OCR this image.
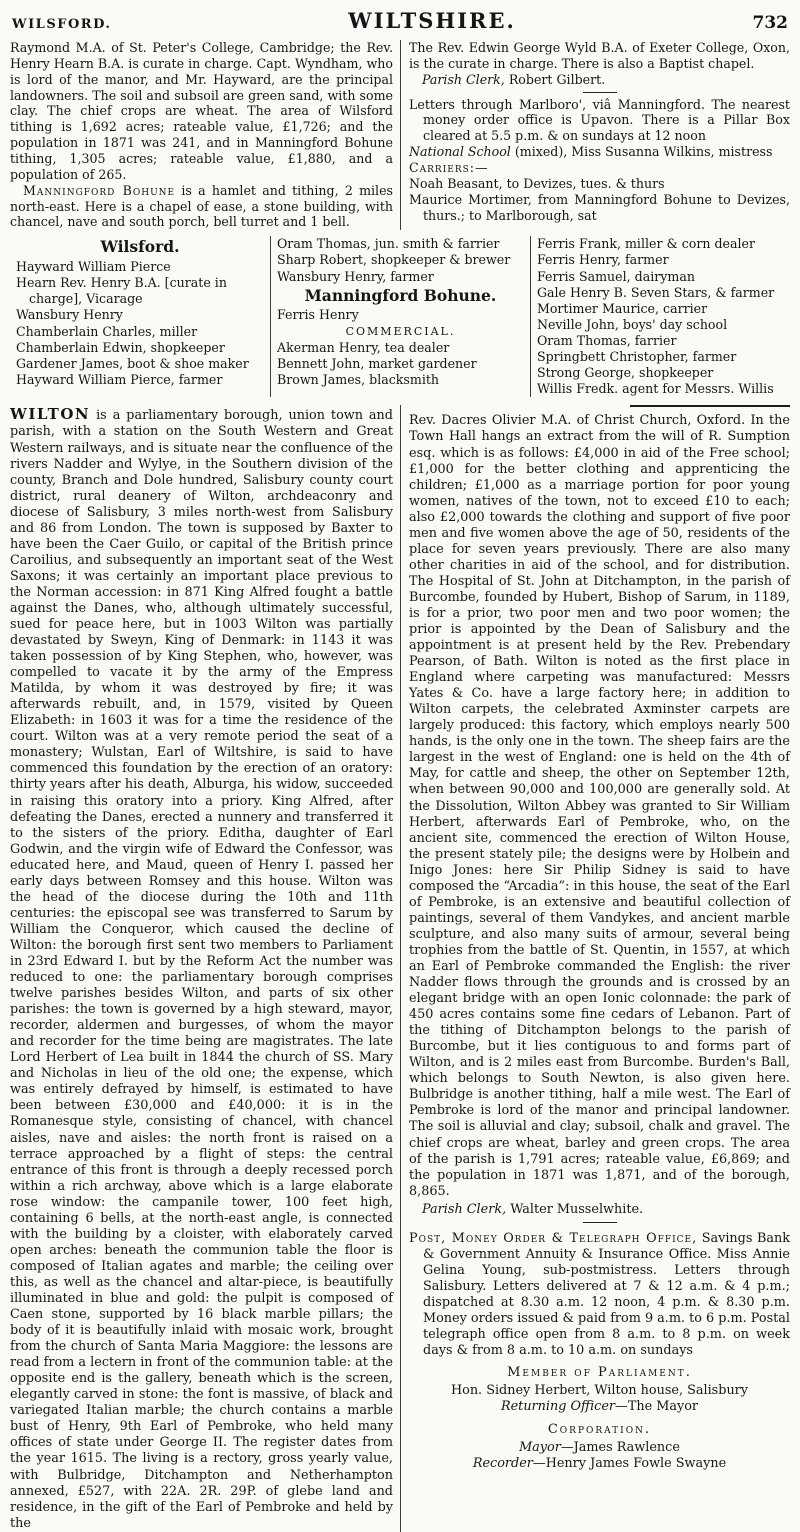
WILSFORD.	WILTSHIRE.	732

Raymond M.A. of St. Peter's College, Cambridge; the Rev. Henry Hearn B.A. is curate in charge. Capt. Wyndham, who is lord of the manor, and Mr. Hayward, are the principal landowners. The soil and subsoil are green sand, with some clay. The chief crops are wheat. The area of Wilsford tithing is 1,692 acres; rateable value, £1,726; and the population in 1871 was 241, and in Manningford Bohune tithing, 1,305 acres; rateable value, £1,880, and a population of 265.

Manningford Bohune is a hamlet and tithing, 2 miles north-east. Here is a chapel of ease, a stone building, with chancel, nave and south porch, bell turret and 1 bell.

The Rev. Edwin George Wyld B.A. of Exeter College, Oxon, is the curate in charge. There is also a Baptist chapel.

Parish Clerk, Robert Gilbert.

Letters through Marlboro', viâ Manningford. The nearest money order office is Upavon. There is a Pillar Box cleared at 5.5 p.m. & on sundays at 12 noon

National School (mixed), Miss Susanna Wilkins, mistress

Carriers:—

Noah Beasant, to Devizes, tues. & thurs

Maurice Mortimer, from Manningford Bohune to Devizes, thurs.; to Marlborough, sat

Wilsford.
Hayward William Pierce
Hearn Rev. Henry B.A. [curate in charge], Vicarage
Wansbury Henry
Chamberlain Charles, miller
Chamberlain Edwin, shopkeeper
Gardener James, boot & shoe maker
Hayward William Pierce, farmer
Oram Thomas, jun. smith & farrier
Sharp Robert, shopkeeper & brewer
Wansbury Henry, farmer
Manningford Bohune.
Ferris Henry
COMMERCIAL.
Akerman Henry, tea dealer
Bennett John, market gardener
Brown James, blacksmith
Ferris Frank, miller & corn dealer
Ferris Henry, farmer
Ferris Samuel, dairyman
Gale Henry B. Seven Stars, & farmer
Mortimer Maurice, carrier
Neville John, boys' day school
Oram Thomas, farrier
Springbett Christopher, farmer
Strong George, shopkeeper
Willis Fredk. agent for Messrs. Willis

WILTON is a parliamentary borough, union town and parish, with a station on the South Western and Great Western railways, and is situate near the confluence of the rivers Nadder and Wylye, in the Southern division of the county, Branch and Dole hundred, Salisbury county court district, rural deanery of Wilton, archdeaconry and diocese of Salisbury, 3 miles north-west from Salisbury and 86 from London. The town is supposed by Baxter to have been the Caer Guilo, or capital of the British prince Caroilius, and subsequently an important seat of the West Saxons; it was certainly an important place previous to the Norman accession: in 871 King Alfred fought a battle against the Danes, who, although ultimately successful, sued for peace here, but in 1003 Wilton was partially devastated by Sweyn, King of Denmark: in 1143 it was taken possession of by King Stephen, who, however, was compelled to vacate it by the army of the Empress Matilda, by whom it was destroyed by fire; it was afterwards rebuilt, and, in 1579, visited by Queen Elizabeth: in 1603 it was for a time the residence of the court. Wilton was at a very remote period the seat of a monastery; Wulstan, Earl of Wiltshire, is said to have commenced this foundation by the erection of an oratory: thirty years after his death, Alburga, his widow, succeeded in raising this oratory into a priory. King Alfred, after defeating the Danes, erected a nunnery and transferred it to the sisters of the priory. Editha, daughter of Earl Godwin, and the virgin wife of Edward the Confessor, was educated here, and Maud, queen of Henry I. passed her early days between Romsey and this house. Wilton was the head of the diocese during the 10th and 11th centuries: the episcopal see was transferred to Sarum by William the Conqueror, which caused the decline of Wilton: the borough first sent two members to Parliament in 23rd Edward I. but by the Reform Act the number was reduced to one: the parliamentary borough comprises twelve parishes besides Wilton, and parts of six other parishes: the town is governed by a high steward, mayor, recorder, aldermen and burgesses, of whom the mayor and recorder for the time being are magistrates. The late Lord Herbert of Lea built in 1844 the church of SS. Mary and Nicholas in lieu of the old one; the expense, which was entirely defrayed by himself, is estimated to have been between £30,000 and £40,000: it is in the Romanesque style, consisting of chancel, with chancel aisles, nave and aisles: the north front is raised on a terrace approached by a flight of steps: the central entrance of this front is through a deeply recessed porch within a rich archway, above which is a large elaborate rose window: the campanile tower, 100 feet high, containing 6 bells, at the north-east angle, is connected with the building by a cloister, with elaborately carved open arches: beneath the communion table the floor is composed of Italian agates and marble; the ceiling over this, as well as the chancel and altar-piece, is beautifully illuminated in blue and gold: the pulpit is composed of Caen stone, supported by 16 black marble pillars; the body of it is beautifully inlaid with mosaic work, brought from the church of Santa Maria Maggiore: the lessons are read from a lectern in front of the communion table: at the opposite end is the gallery, beneath which is the screen, elegantly carved in stone: the font is massive, of black and variegated Italian marble; the church contains a marble bust of Henry, 9th Earl of Pembroke, who held many offices of state under George II. The register dates from the year 1615. The living is a rectory, gross yearly value, with Bulbridge, Ditchampton and Netherhampton annexed, £527, with 22A. 2R. 29P. of glebe land and residence, in the gift of the Earl of Pembroke and held by the

Rev. Dacres Olivier M.A. of Christ Church, Oxford. In the Town Hall hangs an extract from the will of R. Sumption esq. which is as follows: £4,000 in aid of the Free school; £1,000 for the better clothing and apprenticing the children; £1,000 as a marriage portion for poor young women, natives of the town, not to exceed £10 to each; also £2,000 towards the clothing and support of five poor men and five women above the age of 50, residents of the place for seven years previously. There are also many other charities in aid of the school, and for distribution. The Hospital of St. John at Ditchampton, in the parish of Burcombe, founded by Hubert, Bishop of Sarum, in 1189, is for a prior, two poor men and two poor women; the prior is appointed by the Dean of Salisbury and the appointment is at present held by the Rev. Prebendary Pearson, of Bath. Wilton is noted as the first place in England where carpeting was manufactured: Messrs Yates & Co. have a large factory here; in addition to Wilton carpets, the celebrated Axminster carpets are largely produced: this factory, which employs nearly 500 hands, is the only one in the town. The sheep fairs are the largest in the west of England: one is held on the 4th of May, for cattle and sheep, the other on September 12th, when between 90,000 and 100,000 are generally sold. At the Dissolution, Wilton Abbey was granted to Sir William Herbert, afterwards Earl of Pembroke, who, on the ancient site, commenced the erection of Wilton House, the present stately pile; the designs were by Holbein and Inigo Jones: here Sir Philip Sidney is said to have composed the “Arcadia”: in this house, the seat of the Earl of Pembroke, is an extensive and beautiful collection of paintings, several of them Vandykes, and ancient marble sculpture, and also many suits of armour, several being trophies from the battle of St. Quentin, in 1557, at which an Earl of Pembroke commanded the English: the river Nadder flows through the grounds and is crossed by an elegant bridge with an open Ionic colonnade: the park of 450 acres contains some fine cedars of Lebanon. Part of the tithing of Ditchampton belongs to the parish of Burcombe, but it lies contiguous to and forms part of Wilton, and is 2 miles east from Burcombe. Burden's Ball, which belongs to South Newton, is also given here. Bulbridge is another tithing, half a mile west. The Earl of Pembroke is lord of the manor and principal landowner. The soil is alluvial and clay; subsoil, chalk and gravel. The chief crops are wheat, barley and green crops. The area of the parish is 1,791 acres; rateable value, £6,869; and the population in 1871 was 1,871, and of the borough, 8,865.

Parish Clerk, Walter Musselwhite.

Post, Money Order & Telegraph Office, Savings Bank & Government Annuity & Insurance Office. Miss Annie Gelina Young, sub-postmistress. Letters through Salisbury. Letters delivered at 7 & 12 a.m. & 4 p.m.; dispatched at 8.30 a.m. 12 noon, 4 p.m. & 8.30 p.m. Money orders issued & paid from 9 a.m. to 6 p.m. Postal telegraph office open from 8 a.m. to 8 p.m. on week days & from 8 a.m. to 10 a.m. on sundays

Member of Parliament.

Hon. Sidney Herbert, Wilton house, Salisbury

Returning Officer—The Mayor

Corporation.

Mayor—James Rawlence

Recorder—Henry James Fowle Swayne
